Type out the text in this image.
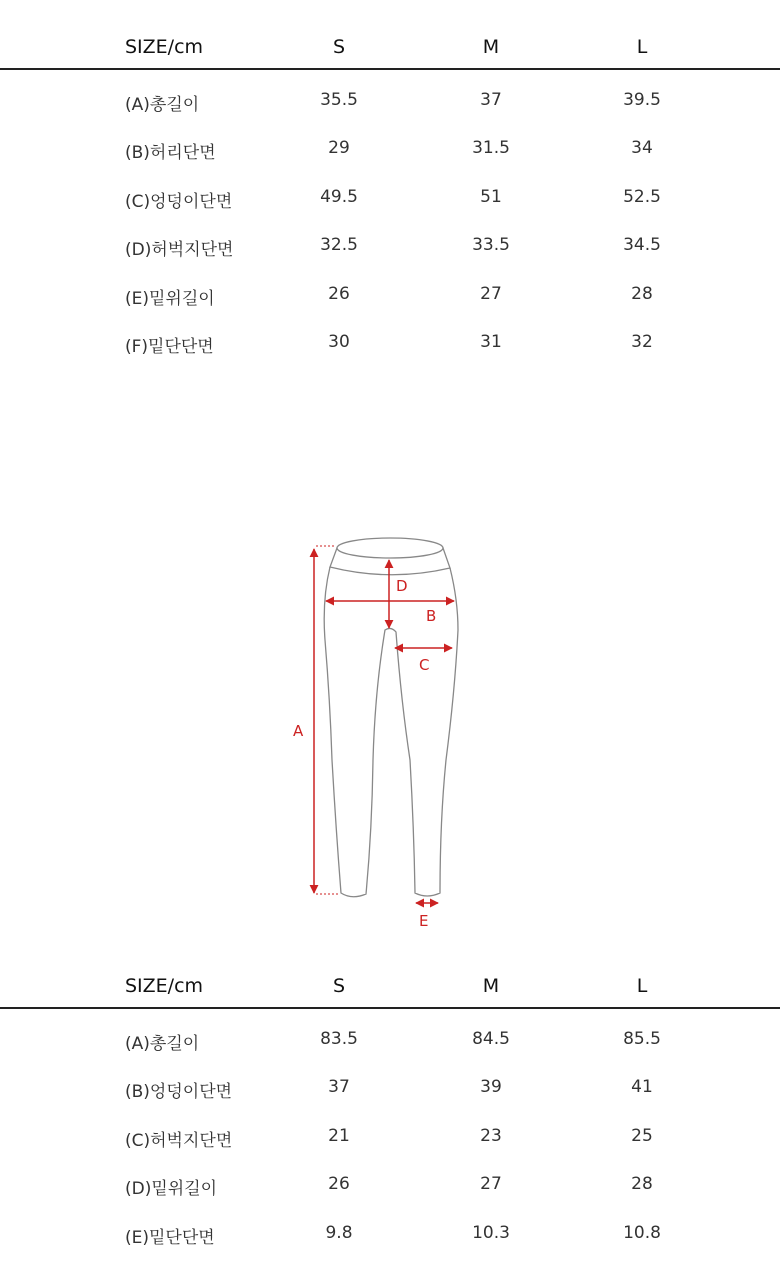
SIZE/cm	S	M	L
(A)총길이	35.5	37	39.5
(B)허리단면	29	31.5	34
(C)엉덩이단면	49.5	51	52.5
(D)허벅지단면	32.5	33.5	34.5
(E)밑위길이	26	27	28
(F)밑단단면	30	31	32
A
B
C
D
E
SIZE/cm	S	M	L
(A)총길이	83.5	84.5	85.5
(B)엉덩이단면	37	39	41
(C)허벅지단면	21	23	25
(D)밑위길이	26	27	28
(E)밑단단면	9.8	10.3	10.8
